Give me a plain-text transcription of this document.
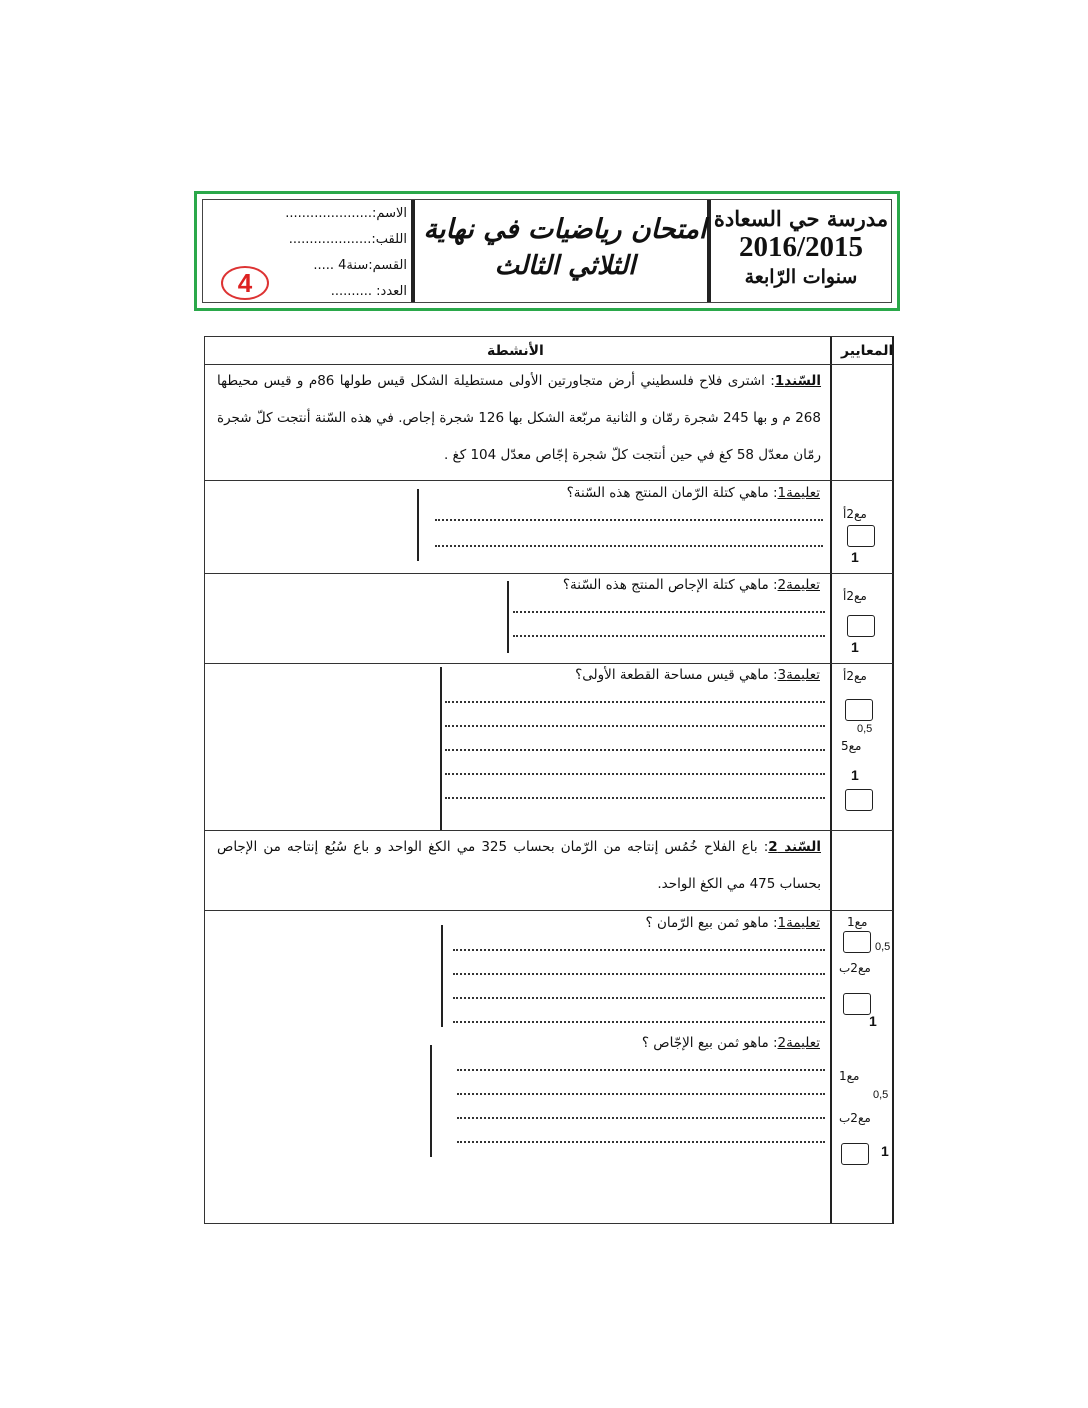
مدرسة حي السعادة
2016/2015
سنوات الرّابعة
امتحان رياضيات في نهاية
الثلاثي الثالث
الاسم:.....................
اللقب:....................
القسم:سنة4 .....
العدد: ..........
4
المعايير
الأنشطة
السّند1: اشترى فلاح فلسطيني أرض متجاورتين الأولى مستطيلة الشكل قيس طولها 86م و قيس محيطها 268 م و بها 245 شجرة رمّان و الثانية مربّعة الشكل بها 126 شجرة إجاص. في هذه السّنة أنتجت كلّ شجرة رمّان معدّل 58 كغ في حين أنتجت كلّ شجرة إجّاص معدّل 104 كغ .
تعليمة1: ماهي كتلة الرّمان المنتج هذه السّنة؟
تعليمة2: ماهي كتلة الإجاص المنتج هذه السّنة؟
تعليمة3: ماهي قيس مساحة القطعة الأولى؟
السّند 2: باع الفلاح خُمُس إنتاجه من الرّمان بحساب 325 مي الكغ الواحد و باع سُبُع إنتاجه من الإجاص بحساب 475 مي الكغ الواحد.
تعليمة1: ماهو ثمن بيع الرّمان ؟
تعليمة2: ماهو ثمن بيع الإجّاص ؟
مع2أ
1
مع2أ
1
مع2أ
0,5
مع5
1
مع1
0,5
مع2ب
1
مع1
0,5
مع2ب
1
